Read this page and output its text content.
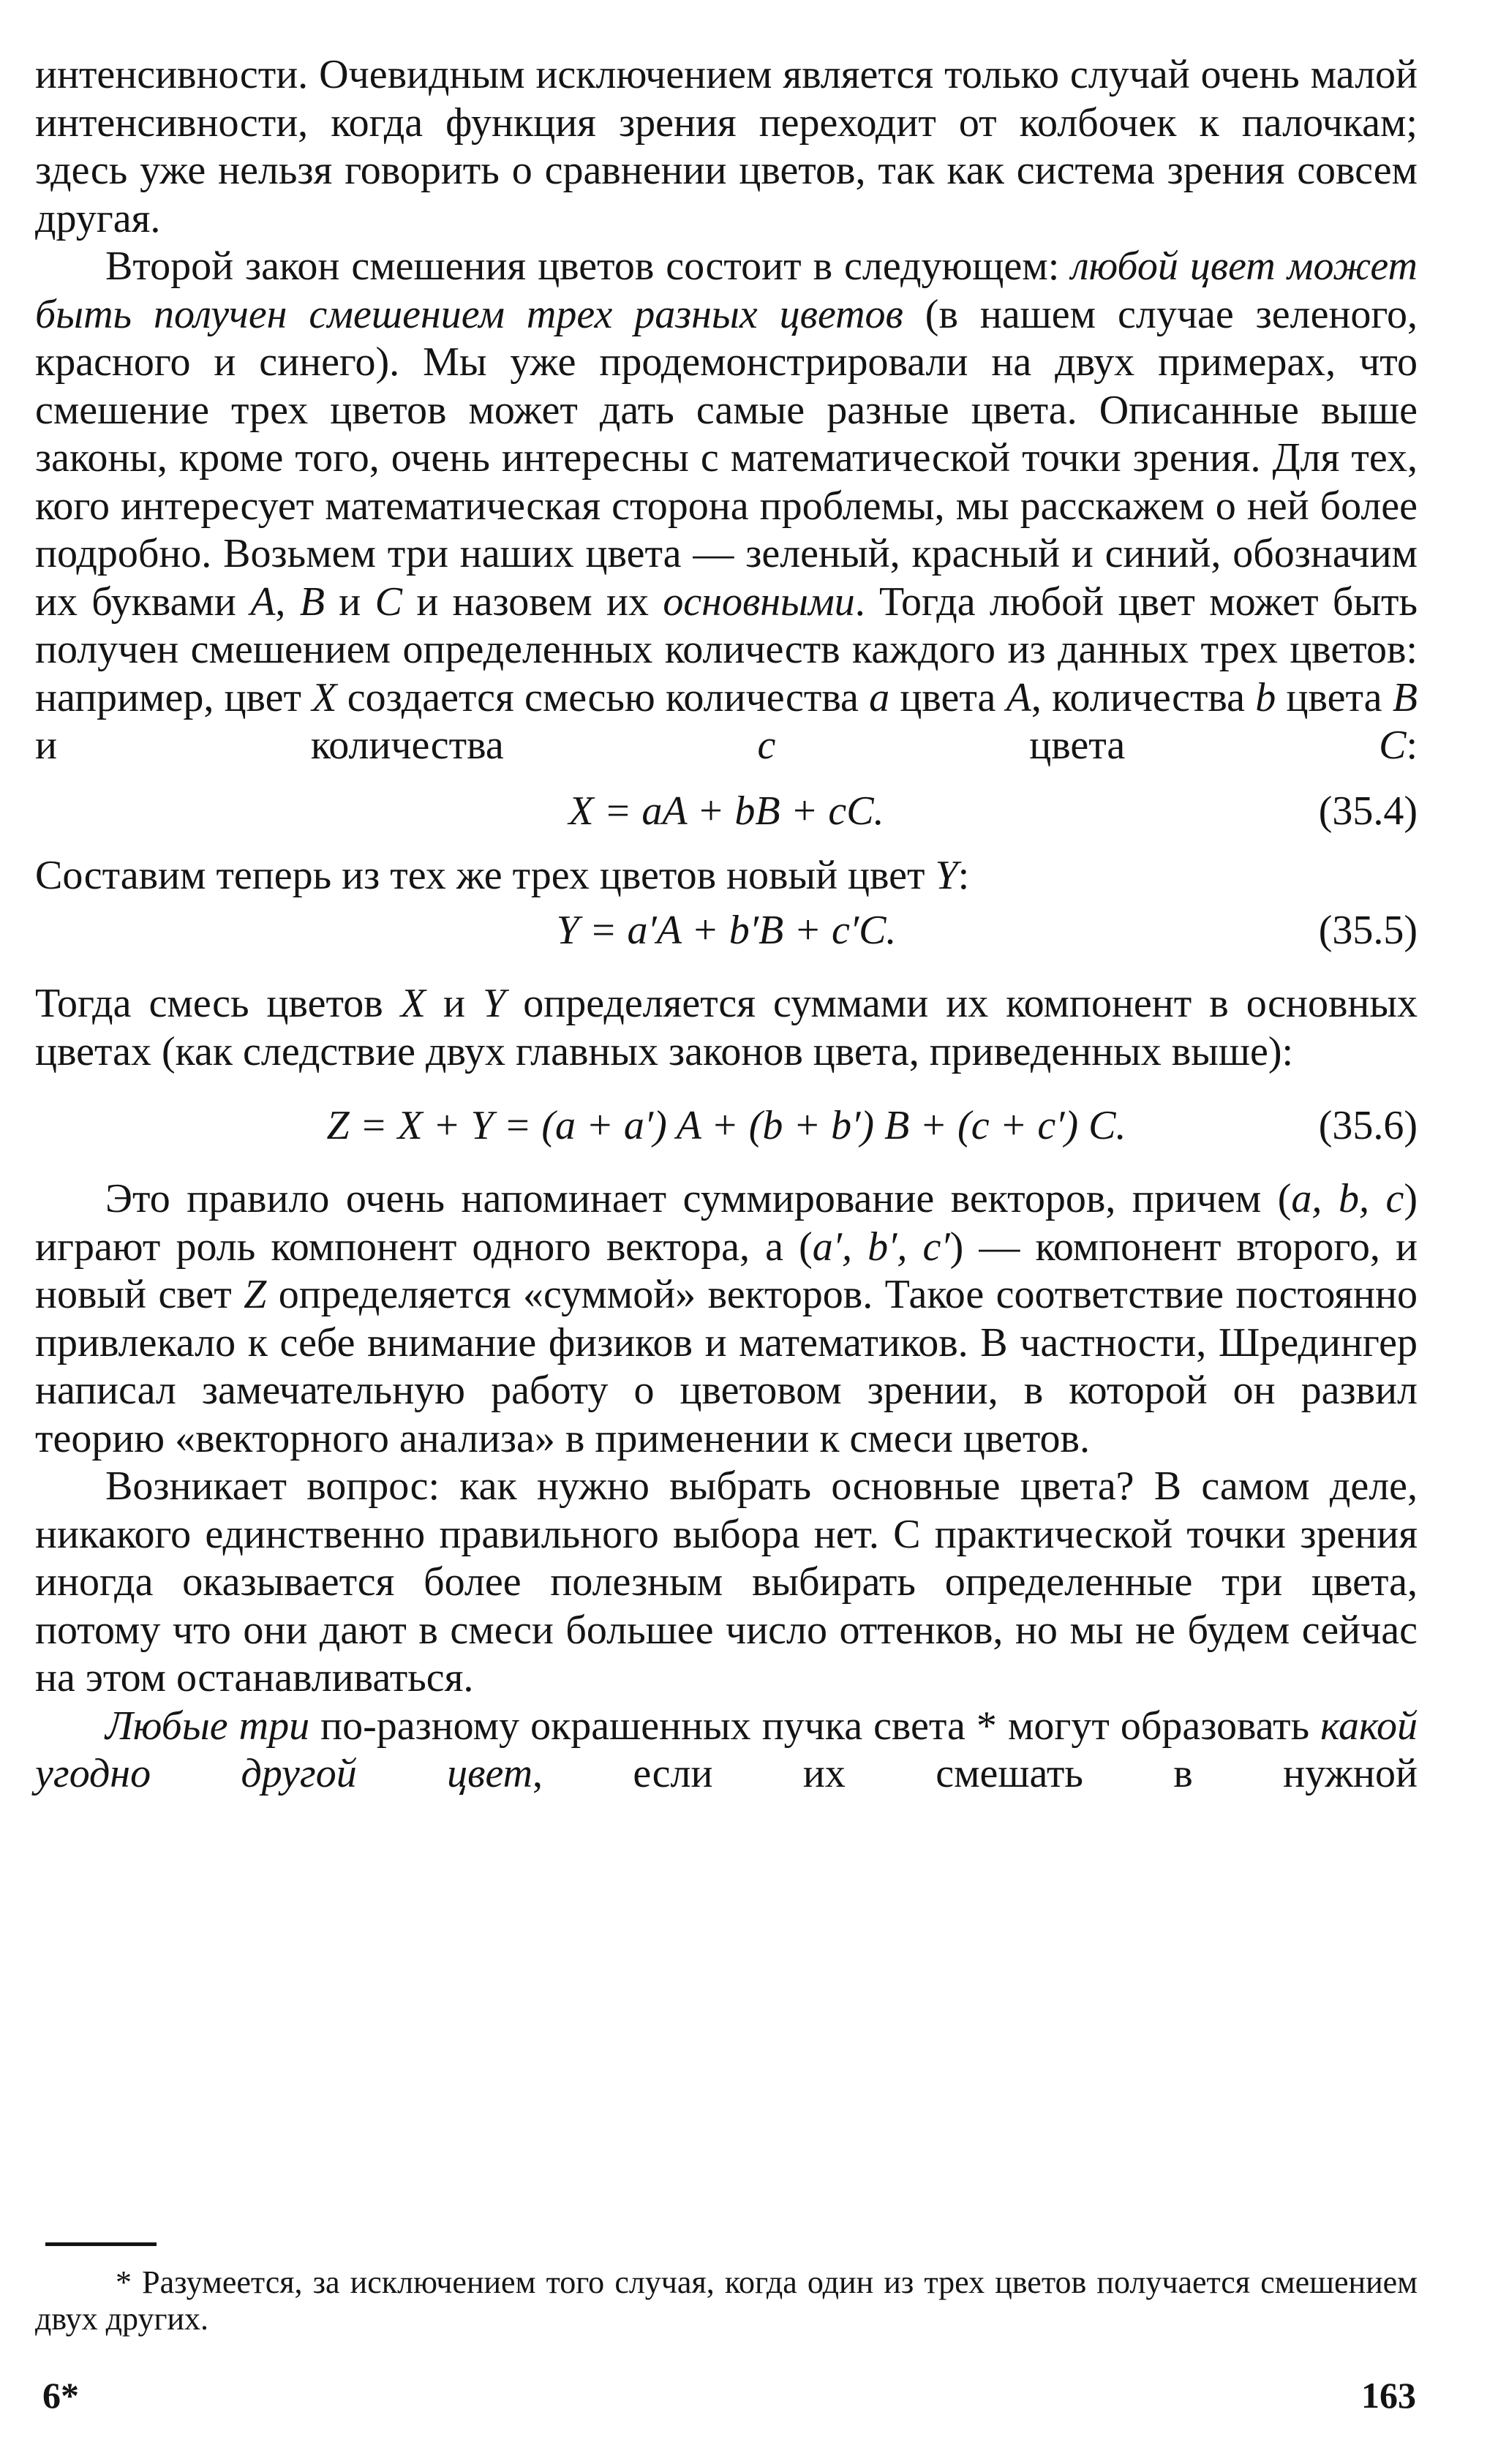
интенсивности. Очевидным исключением является только случай очень малой интенсивности, когда функция зрения переходит от колбочек к палочкам; здесь уже нельзя говорить о сравнении цветов, так как система зрения совсем другая.

Второй закон смешения цветов состоит в следующем: любой цвет может быть получен смешением трех разных цветов (в нашем случае зеленого, красного и синего). Мы уже продемонстрировали на двух примерах, что смешение трех цветов может дать самые разные цвета. Описанные выше законы, кроме того, очень интересны с математической точки зрения. Для тех, кого интересует математическая сторона проблемы, мы расскажем о ней более подробно. Возьмем три наших цвета — зеленый, красный и синий, обозначим их буквами A, B и C и назовем их основными. Тогда любой цвет может быть получен смешением определенных количеств каждого из данных трех цветов: например, цвет X создается смесью количества a цвета A, количества b цвета B и количества c цвета C:

X = aA + bB + cC.	(35.4)

Составим теперь из тех же трех цветов новый цвет Y:

Y = a′A + b′B + c′C.	(35.5)

Тогда смесь цветов X и Y определяется суммами их компонент в основных цветах (как следствие двух главных законов цвета, приведенных выше):

Z = X + Y = (a + a′) A + (b + b′) B + (c + c′) C.	(35.6)

Это правило очень напоминает суммирование векторов, причем (a, b, c) играют роль компонент одного вектора, а (a′, b′, c′) — компонент второго, и новый свет Z определяется «суммой» векторов. Такое соответствие постоянно привлекало к себе внимание физиков и математиков. В частности, Шредингер написал замечательную работу о цветовом зрении, в которой он развил теорию «векторного анализа» в применении к смеси цветов.

Возникает вопрос: как нужно выбрать основные цвета? В самом деле, никакого единственно правильного выбора нет. С практической точки зрения иногда оказывается более полезным выбирать определенные три цвета, потому что они дают в смеси большее число оттенков, но мы не будем сейчас на этом останавливаться.

Любые три по-разному окрашенных пучка света * могут образовать какой угодно другой цвет, если их смешать в нужной

* Разумеется, за исключением того случая, когда один из трех цветов получается смешением двух других.

6*	163
